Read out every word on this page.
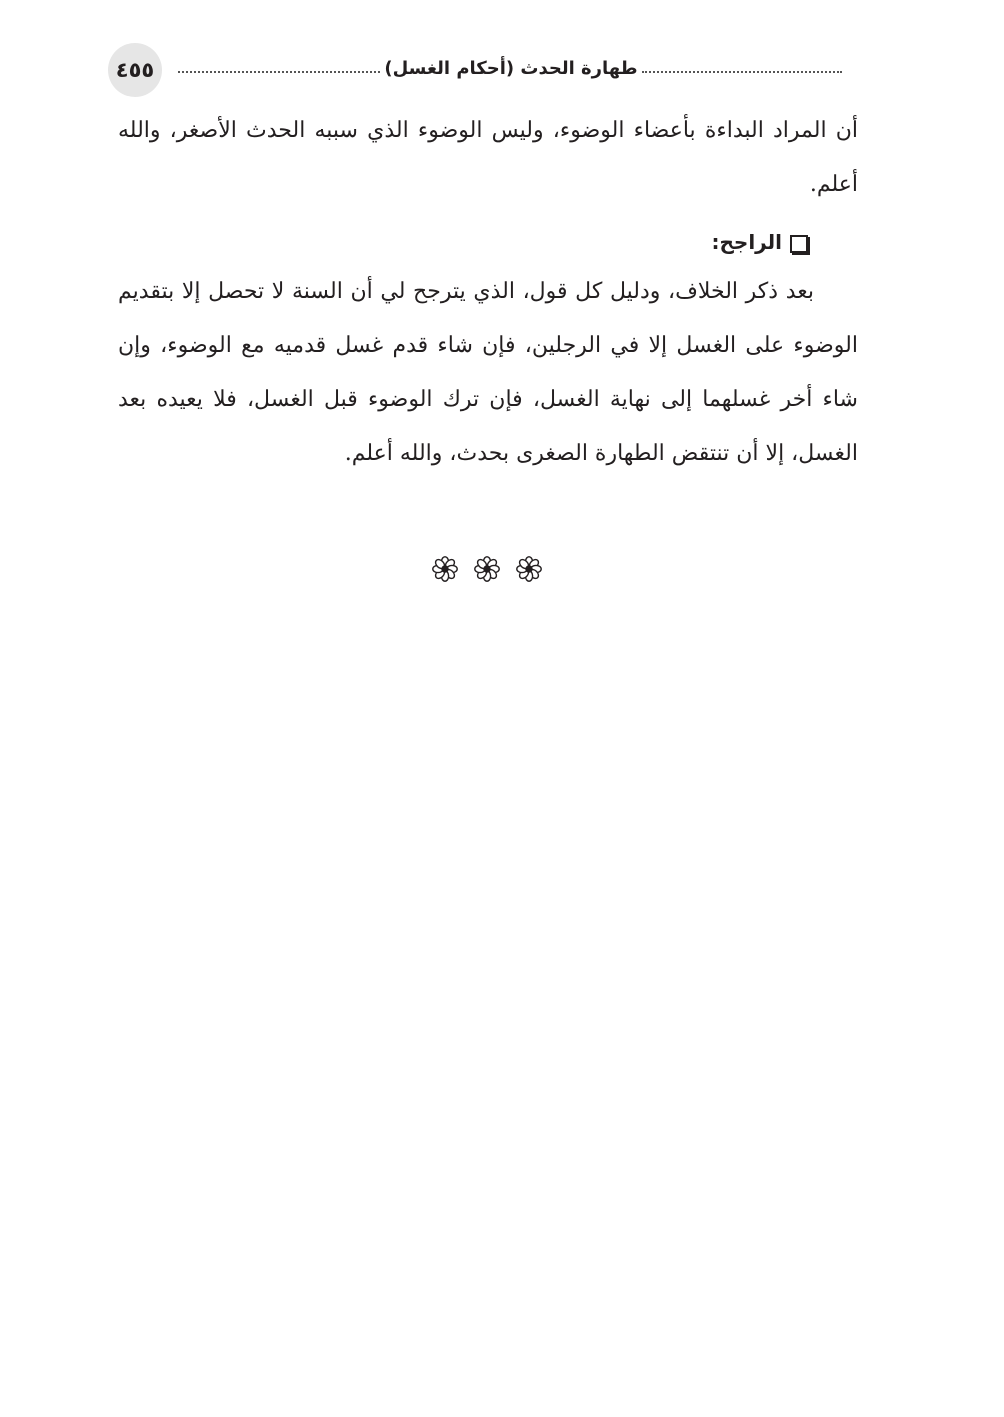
٤٥٥	طهارة الحدث (أحكام الغسل)

أن المراد البداءة بأعضاء الوضوء، وليس الوضوء الذي سببه الحدث الأصغر، والله أعلم.

الراجح:

بعد ذكر الخلاف، ودليل كل قول، الذي يترجح لي أن السنة لا تحصل إلا بتقديم الوضوء على الغسل إلا في الرجلين، فإن شاء قدم غسل قدميه مع الوضوء، وإن شاء أخر غسلهما إلى نهاية الغسل، فإن ترك الوضوء قبل الغسل، فلا يعيده بعد الغسل، إلا أن تنتقض الطهارة الصغرى بحدث، والله أعلم.
